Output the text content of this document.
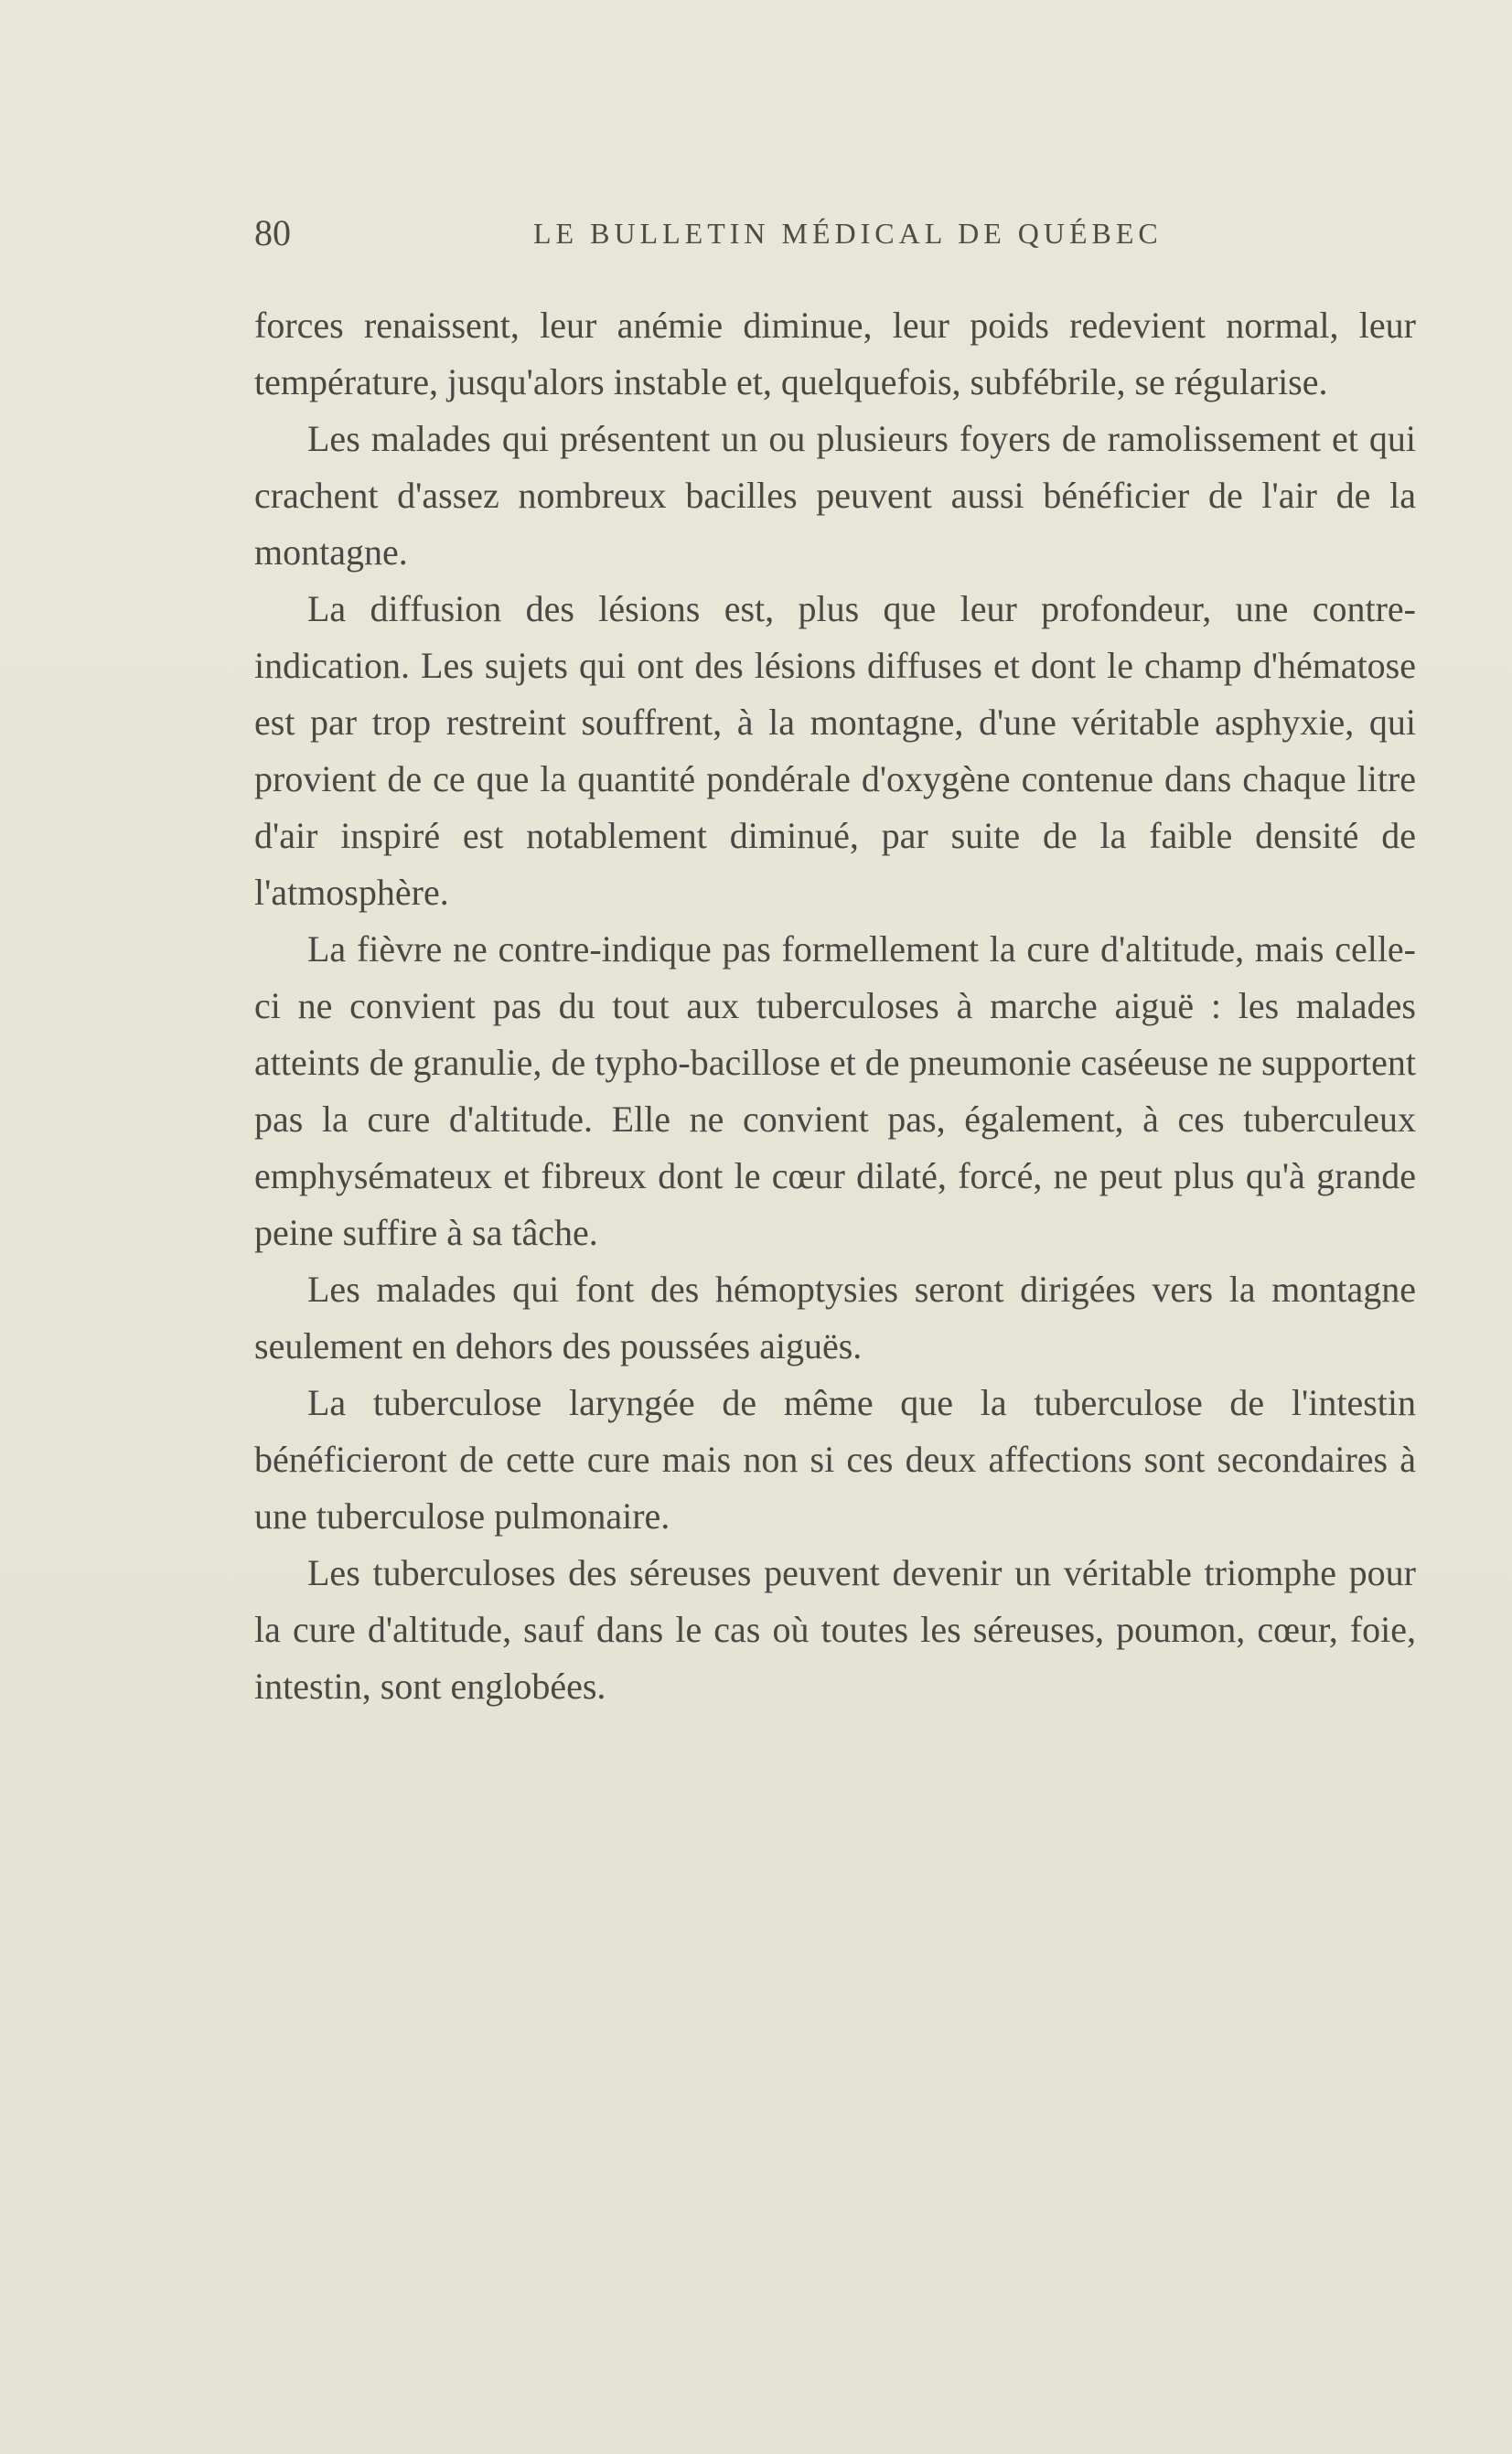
80	LE BULLETIN MÉDICAL DE QUÉBEC

forces renaissent, leur anémie diminue, leur poids redevient normal, leur température, jusqu'alors instable et, quelquefois, subfébrile, se régularise.

Les malades qui présentent un ou plusieurs foyers de ramolissement et qui crachent d'assez nombreux bacilles peuvent aussi bénéficier de l'air de la montagne.

La diffusion des lésions est, plus que leur profondeur, une contre-indication. Les sujets qui ont des lésions diffuses et dont le champ d'hématose est par trop restreint souffrent, à la montagne, d'une véritable asphyxie, qui provient de ce que la quantité pondérale d'oxygène contenue dans chaque litre d'air inspiré est notablement diminué, par suite de la faible densité de l'atmosphère.

La fièvre ne contre-indique pas formellement la cure d'altitude, mais celle-ci ne convient pas du tout aux tuberculoses à marche aiguë : les malades atteints de granulie, de typho-bacillose et de pneumonie caséeuse ne supportent pas la cure d'altitude. Elle ne convient pas, également, à ces tuberculeux emphysémateux et fibreux dont le cœur dilaté, forcé, ne peut plus qu'à grande peine suffire à sa tâche.

Les malades qui font des hémoptysies seront dirigées vers la montagne seulement en dehors des poussées aiguës.

La tuberculose laryngée de même que la tuberculose de l'intestin bénéficieront de cette cure mais non si ces deux affections sont secondaires à une tuberculose pulmonaire.

Les tuberculoses des séreuses peuvent devenir un véritable triomphe pour la cure d'altitude, sauf dans le cas où toutes les séreuses, poumon, cœur, foie, intestin, sont englobées.
